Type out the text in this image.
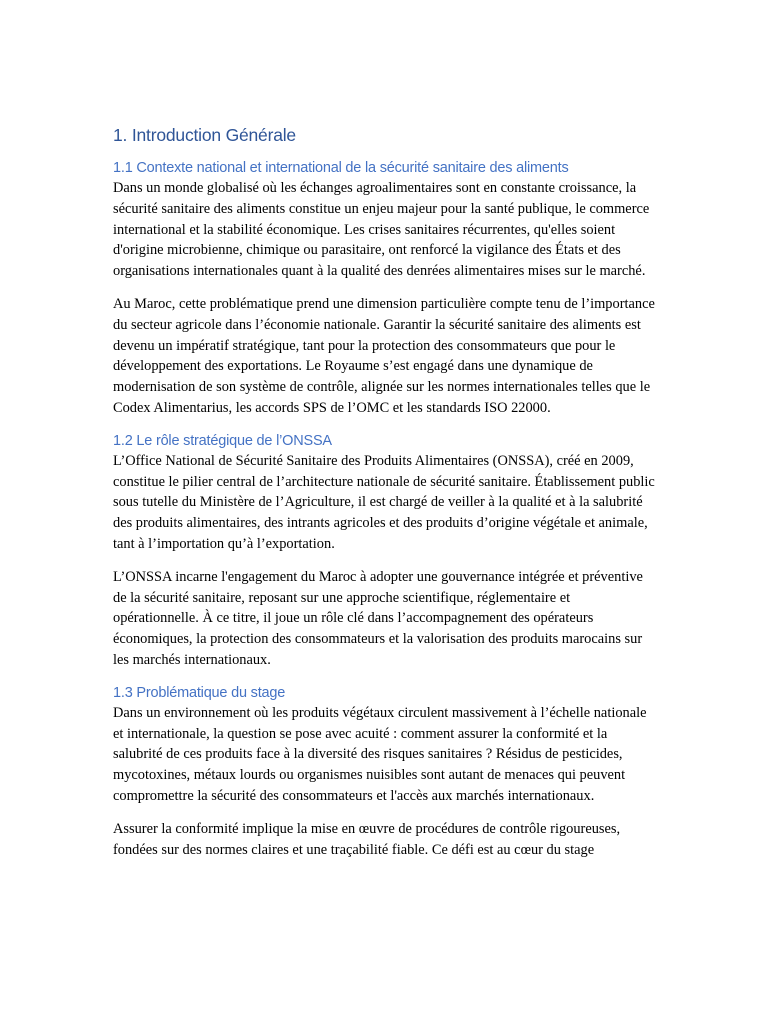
1. Introduction Générale
1.1 Contexte national et international de la sécurité sanitaire des aliments

Dans un monde globalisé où les échanges agroalimentaires sont en constante croissance, la sécurité sanitaire des aliments constitue un enjeu majeur pour la santé publique, le commerce international et la stabilité économique. Les crises sanitaires récurrentes, qu'elles soient d'origine microbienne, chimique ou parasitaire, ont renforcé la vigilance des États et des organisations internationales quant à la qualité des denrées alimentaires mises sur le marché.

Au Maroc, cette problématique prend une dimension particulière compte tenu de l’importance du secteur agricole dans l’économie nationale. Garantir la sécurité sanitaire des aliments est devenu un impératif stratégique, tant pour la protection des consommateurs que pour le développement des exportations. Le Royaume s’est engagé dans une dynamique de modernisation de son système de contrôle, alignée sur les normes internationales telles que le Codex Alimentarius, les accords SPS de l’OMC et les standards ISO 22000.

1.2 Le rôle stratégique de l’ONSSA

L’Office National de Sécurité Sanitaire des Produits Alimentaires (ONSSA), créé en 2009, constitue le pilier central de l’architecture nationale de sécurité sanitaire. Établissement public sous tutelle du Ministère de l’Agriculture, il est chargé de veiller à la qualité et à la salubrité des produits alimentaires, des intrants agricoles et des produits d’origine végétale et animale, tant à l’importation qu’à l’exportation.

L’ONSSA incarne l'engagement du Maroc à adopter une gouvernance intégrée et préventive de la sécurité sanitaire, reposant sur une approche scientifique, réglementaire et opérationnelle. À ce titre, il joue un rôle clé dans l’accompagnement des opérateurs économiques, la protection des consommateurs et la valorisation des produits marocains sur les marchés internationaux.

1.3 Problématique du stage

Dans un environnement où les produits végétaux circulent massivement à l’échelle nationale et internationale, la question se pose avec acuité : comment assurer la conformité et la salubrité de ces produits face à la diversité des risques sanitaires ? Résidus de pesticides, mycotoxines, métaux lourds ou organismes nuisibles sont autant de menaces qui peuvent compromettre la sécurité des consommateurs et l'accès aux marchés internationaux.

Assurer la conformité implique la mise en œuvre de procédures de contrôle rigoureuses, fondées sur des normes claires et une traçabilité fiable. Ce défi est au cœur du stage
